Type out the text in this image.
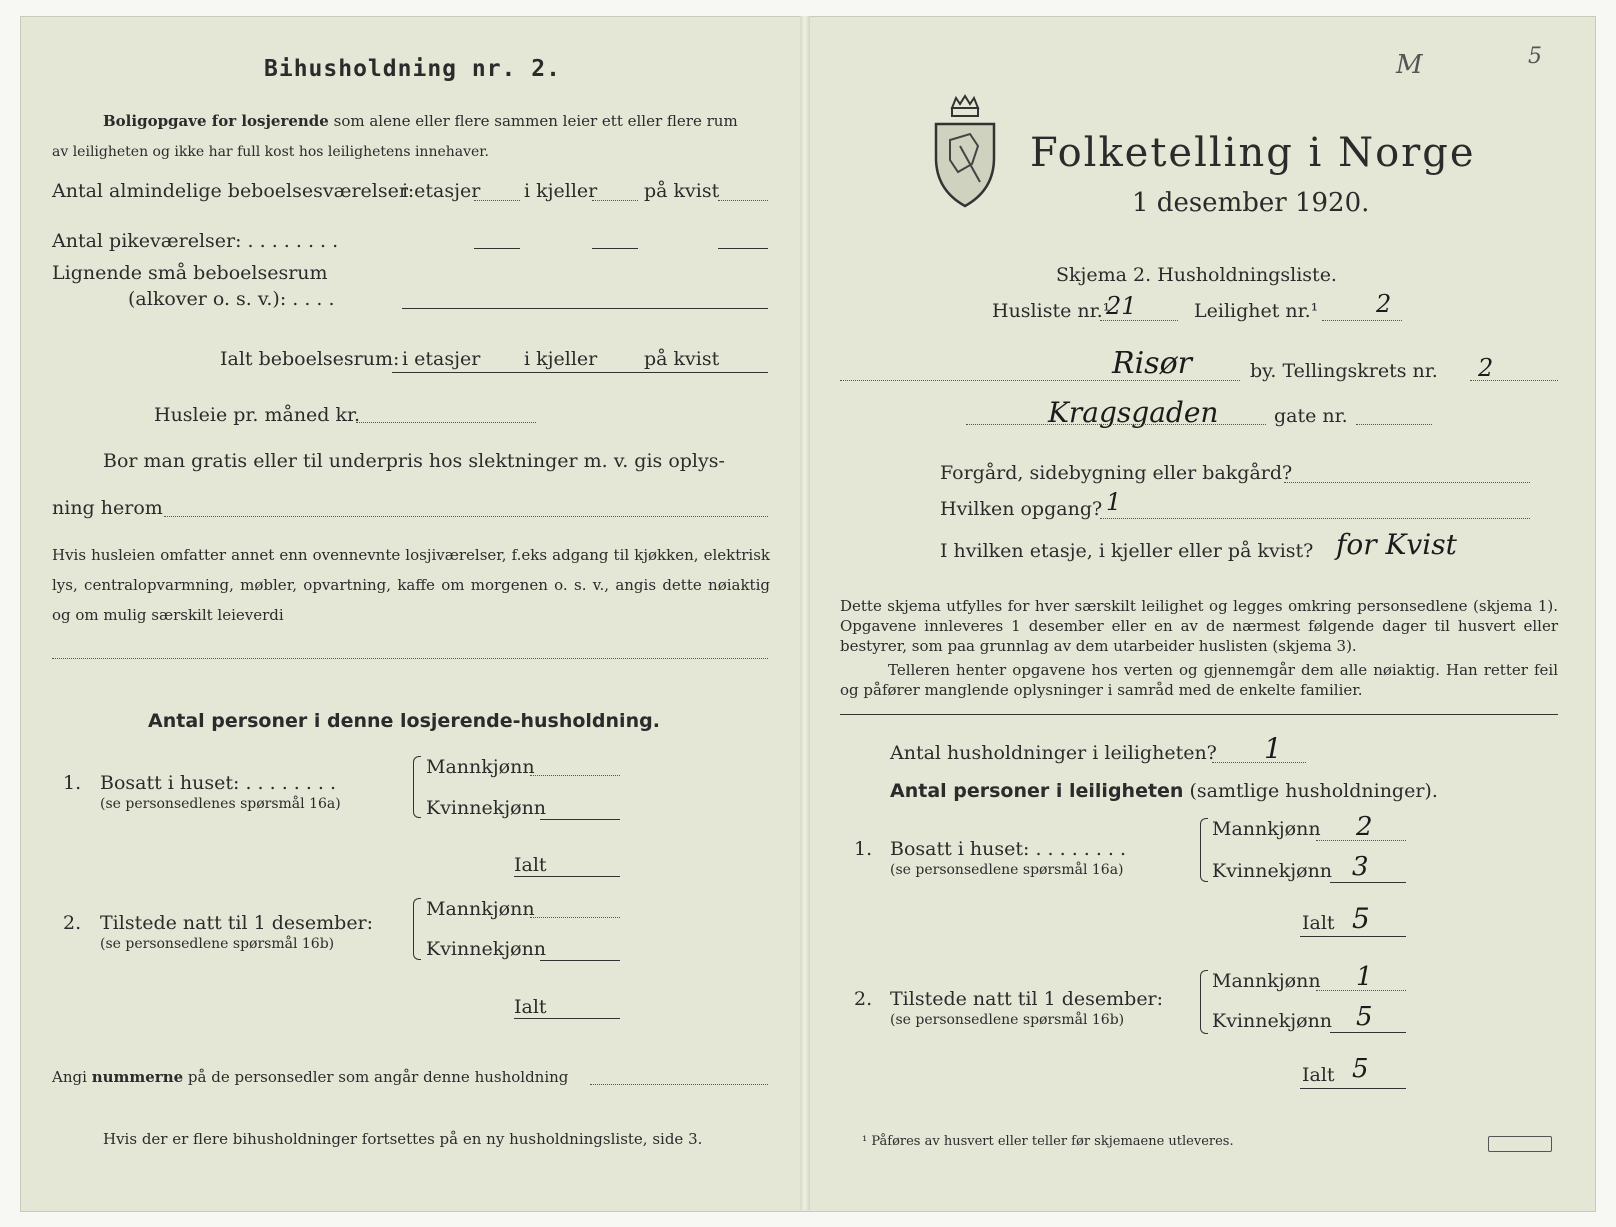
Bihusholdning nr. 2.
Boligopgave for losjerende som alene eller flere sammen leier ett eller flere rum
av leiligheten og ikke har full kost hos leilighetens innehaver.
Antal almindelige beboelsesværelser:
i etasjer i kjeller på kvist
Antal pikeværelser: . . . . . . . .
Lignende små beboelsesrum
(alkover o. s. v.): . . . .
Ialt beboelsesrum: i etasjer i kjeller på kvist
Husleie pr. måned kr.
Bor man gratis eller til underpris hos slektninger m. v. gis oplys-
ning herom
Hvis husleien omfatter annet enn ovennevnte losjiværelser, f.eks adgang til kjøkken, elektrisk lys, centralopvarmning, møbler, opvartning, kaffe om morgenen o. s. v., angis dette nøiaktig og om mulig særskilt leieverdi
Antal personer i denne losjerende-husholdning.
1. Bosatt i huset: . . . . . . . .
(se personsedlenes spørsmål 16a)
Mannkjønn
Kvinnekjønn
Ialt
2. Tilstede natt til 1 desember:
(se personsedlene spørsmål 16b)
Mannkjønn
Kvinnekjønn
Ialt
Angi nummerne på de personsedler som angår denne husholdning
Hvis der er flere bihusholdninger fortsettes på en ny husholdningsliste, side 3.
Folketelling i Norge
1 desember 1920.
Skjema 2. Husholdningsliste.
Husliste nr.¹
21	Leilighet nr.¹ 2
Risør	by. Tellingskrets nr. 2
Kragsgaden	gate nr.
Forgård, sidebygning eller bakgård?
Hvilken opgang? 1
I hvilken etasje, i kjeller eller på kvist? for Kvist
Dette skjema utfylles for hver særskilt leilighet og legges omkring personsedlene (skjema 1). Opgavene innleveres 1 desember eller en av de nærmest følgende dager til husvert eller bestyrer, som paa grunnlag av dem utarbeider huslisten (skjema 3).
Telleren henter opgavene hos verten og gjennemgår dem alle nøiaktig. Han retter feil og påfører manglende oplysninger i samråd med de enkelte familier.
Antal husholdninger i leiligheten? 1
Antal personer i leiligheten (samtlige husholdninger).
1. Bosatt i huset: . . . . . . . .
(se personsedlene spørsmål 16a)
Mannkjønn 2
Kvinnekjønn 3
Ialt 5
2. Tilstede natt til 1 desember:
(se personsedlene spørsmål 16b)
Mannkjønn 1
Kvinnekjønn 5
Ialt 5
¹ Påføres av husvert eller teller før skjemaene utleveres.
M	5
